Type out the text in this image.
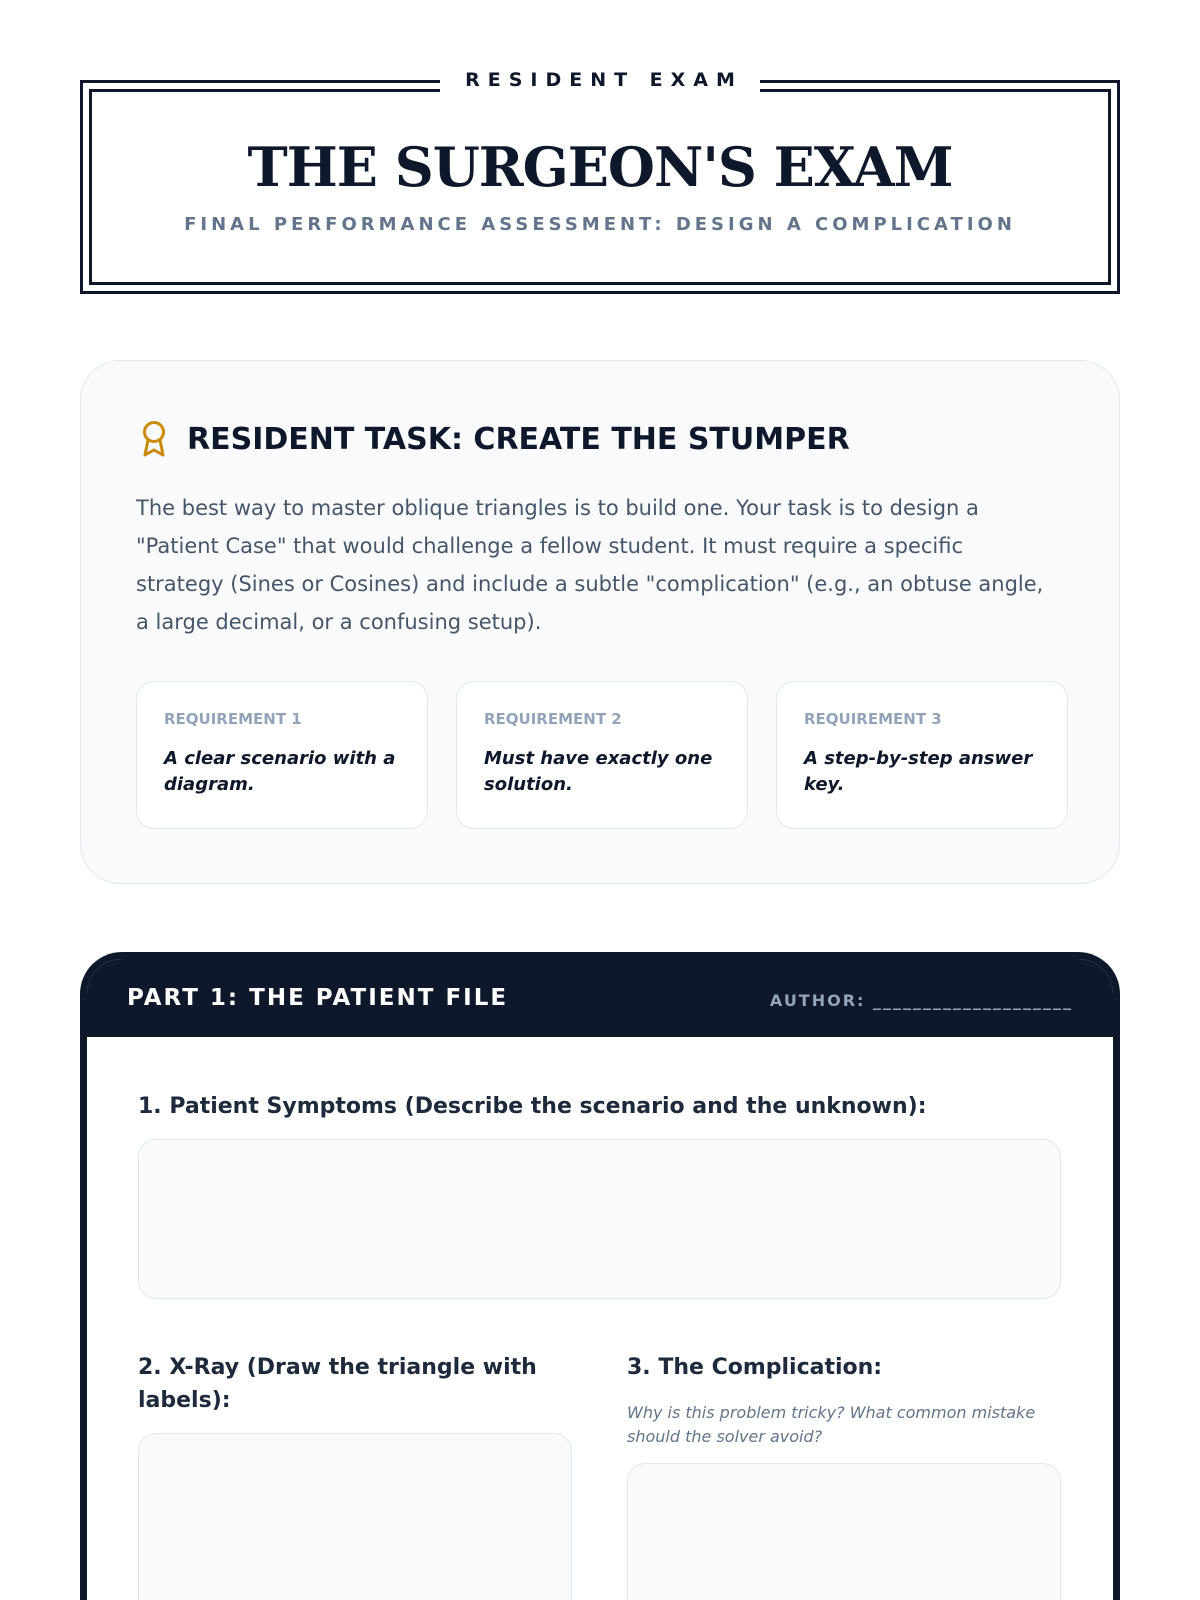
RESIDENT EXAM
THE SURGEON'S EXAM
FINAL PERFORMANCE ASSESSMENT: DESIGN A COMPLICATION
RESIDENT TASK: CREATE THE STUMPER

The best way to master oblique triangles is to build one. Your task is to design a "Patient Case" that would challenge a fellow student. It must require a specific strategy (Sines or Cosines) and include a subtle "complication" (e.g., an obtuse angle, a large decimal, or a confusing setup).

REQUIREMENT 1
A clear scenario with a diagram.
REQUIREMENT 2
Must have exactly one solution.
REQUIREMENT 3
A step-by-step answer key.
PART 1: THE PATIENT FILE	AUTHOR: ____________________
1. Patient Symptoms (Describe the scenario and the unknown):
2. X-Ray (Draw the triangle with labels):
3. The Complication:
Why is this problem tricky? What common mistake should the solver avoid?
